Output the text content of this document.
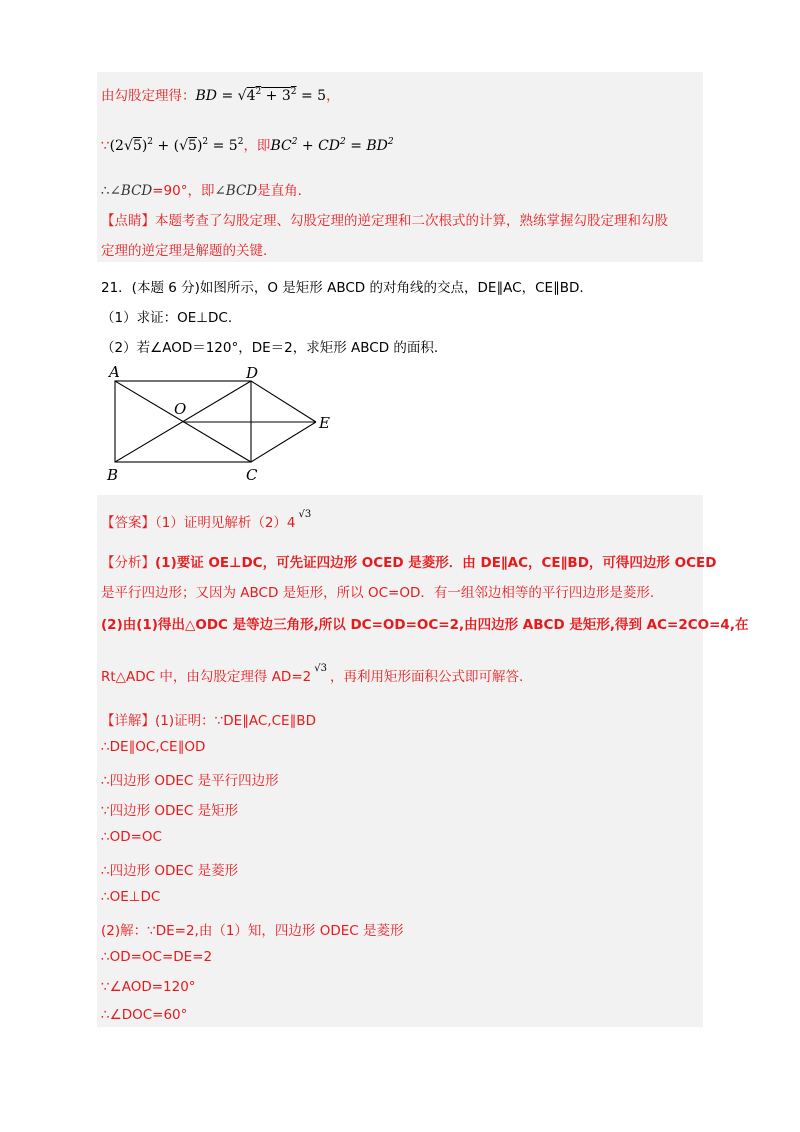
由勾股定理得：BD = $√4^2 + 3^2 = 5$，
$\because(2√5)^2 + (√5)^2 = 5^2$，即$BC^2 + CD^2 = BD^2$
∴∠BCD=90°，即∠BCD是直角.
【点睛】本题考查了勾股定理、勾股定理的逆定理和二次根式的计算，熟练掌握勾股定理和勾股
定理的逆定理是解题的关键.
21．(本题 6 分)如图所示，O 是矩形 ABCD 的对角线的交点，DE∥AC，CE∥BD.
（1）求证：OE⊥DC.
（2）若∠AOD＝120°，DE＝2，求矩形 ABCD 的面积.
A	D
O
E
B	C
【答案】（1）证明见解析$(2)4^{√3}$
【分析】(1)要证 OE⊥DC，可先证四边形 OCED 是菱形．由 DE∥AC，CE∥BD，可得四边形 OCED
是平行四边形；又因为 ABCD 是矩形，所以 OC=OD．有一组邻边相等的平行四边形是菱形.
(2)由(1)得出△ODC 是等边三角形,所以 DC=OD=OC=2,由四边形 ABCD 是矩形,得到 AC=2CO=4,在
Rt△ADC 中，由勾股定理得 $AD=2^{√3}$，再利用矩形面积公式即可解答.
【详解】(1)证明：∵DE∥AC,CE∥BD
∴DE∥OC,CE∥OD
∴四边形 ODEC 是平行四边形
∵四边形 ODEC 是矩形
∴OD=OC
∴四边形 ODEC 是菱形
∴OE⊥DC
(2)解：∵DE=2,由（1）知，四边形 ODEC 是菱形
∴OD=OC=DE=2
∵∠AOD=120°
∴∠DOC=60°
